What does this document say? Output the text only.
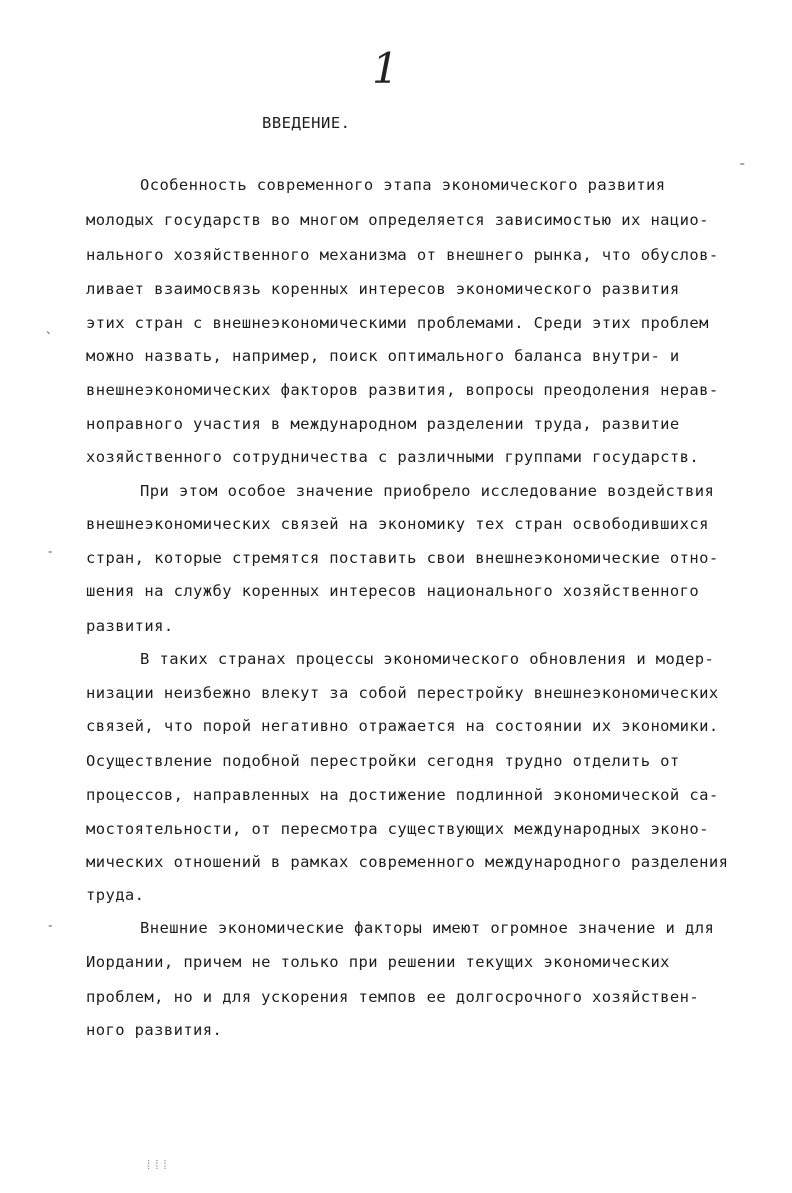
1
ВВЕДЕНИЕ.
Особенность современного этапа экономического развития
молодых государств во многом определяется зависимостью их нацио-
нального хозяйственного механизма от внешнего рынка, что обуслов-
ливает взаимосвязь коренных интересов экономического развития
этих стран с внешнеэкономическими проблемами. Среди этих проблем
можно назвать, например, поиск оптимального баланса внутри- и
внешнеэкономических факторов развития, вопросы преодоления нерав-
ноправного участия в международном разделении труда, развитие
хозяйственного сотрудничества с различными группами государств.
При этом особое значение приобрело исследование воздействия
внешнеэкономических связей на экономику тех стран освободившихся
стран, которые стремятся поставить свои внешнеэкономические отно-
шения на службу коренных интересов национального хозяйственного
развития.
В таких странах процессы экономического обновления и модер-
низации неизбежно влекут за собой перестройку внешнеэкономических
связей, что порой негативно отражается на состоянии их экономики.
Осуществление подобной перестройки сегодня трудно отделить от
процессов, направленных на достижение подлинной экономической са-
мостоятельности, от пересмотра существующих международных эконо-
мических отношений в рамках современного международного разделения
труда.
Внешние экономические факторы имеют огромное значение и для
Иордании, причем не только при решении текущих экономических
проблем, но и для ускорения темпов ее долгосрочного хозяйствен-
ного развития.
ˎ
˗
˗
ˍ
⁞⁞⁞
